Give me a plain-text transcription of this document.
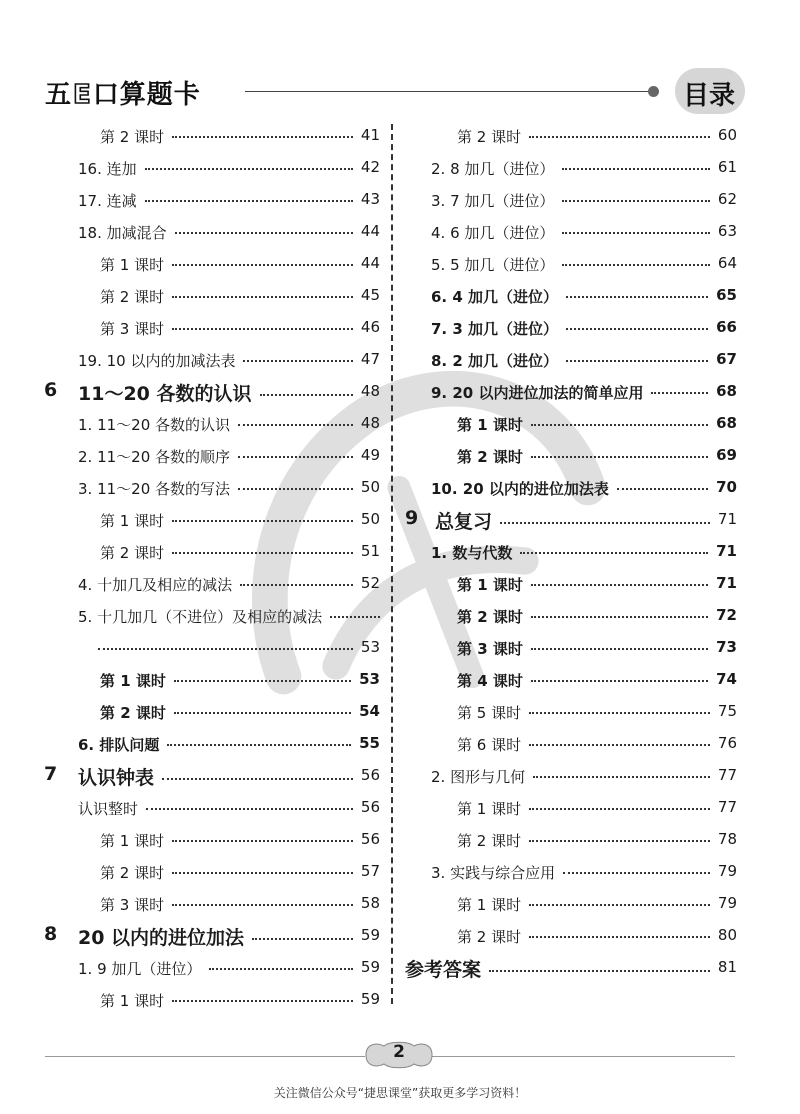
五E口算题卡	目录
第 2 课时	41
16. 连加	42
17. 连减	43
18. 加减混合	44
第 1 课时	44
第 2 课时	45
第 3 课时	46
19. 10 以内的加减法表	47
6 11～20 各数的认识	48
1. 11～20 各数的认识	48
2. 11～20 各数的顺序	49
3. 11～20 各数的写法	50
第 1 课时	50
第 2 课时	51
4. 十加几及相应的减法	52
5. 十几加几（不进位）及相应的减法
53
第 1 课时	53
第 2 课时	54
6. 排队问题	55
7 认识钟表	56
认识整时	56
第 1 课时	56
第 2 课时	57
第 3 课时	58
8 20 以内的进位加法	59
1. 9 加几（进位）	59
第 1 课时	59
第 2 课时	60
2. 8 加几（进位）	61
3. 7 加几（进位）	62
4. 6 加几（进位）	63
5. 5 加几（进位）	64
6. 4 加几（进位）	65
7. 3 加几（进位）	66
8. 2 加几（进位）	67
9. 20 以内进位加法的简单应用	68
第 1 课时	68
第 2 课时	69
10. 20 以内的进位加法表	70
9 总复习	71
1. 数与代数	71
第 1 课时	71
第 2 课时	72
第 3 课时	73
第 4 课时	74
第 5 课时	75
第 6 课时	76
2. 图形与几何	77
第 1 课时	77
第 2 课时	78
3. 实践与综合应用	79
第 1 课时	79
第 2 课时	80
参考答案	81
2
关注微信公众号“捷思课堂”获取更多学习资料！
